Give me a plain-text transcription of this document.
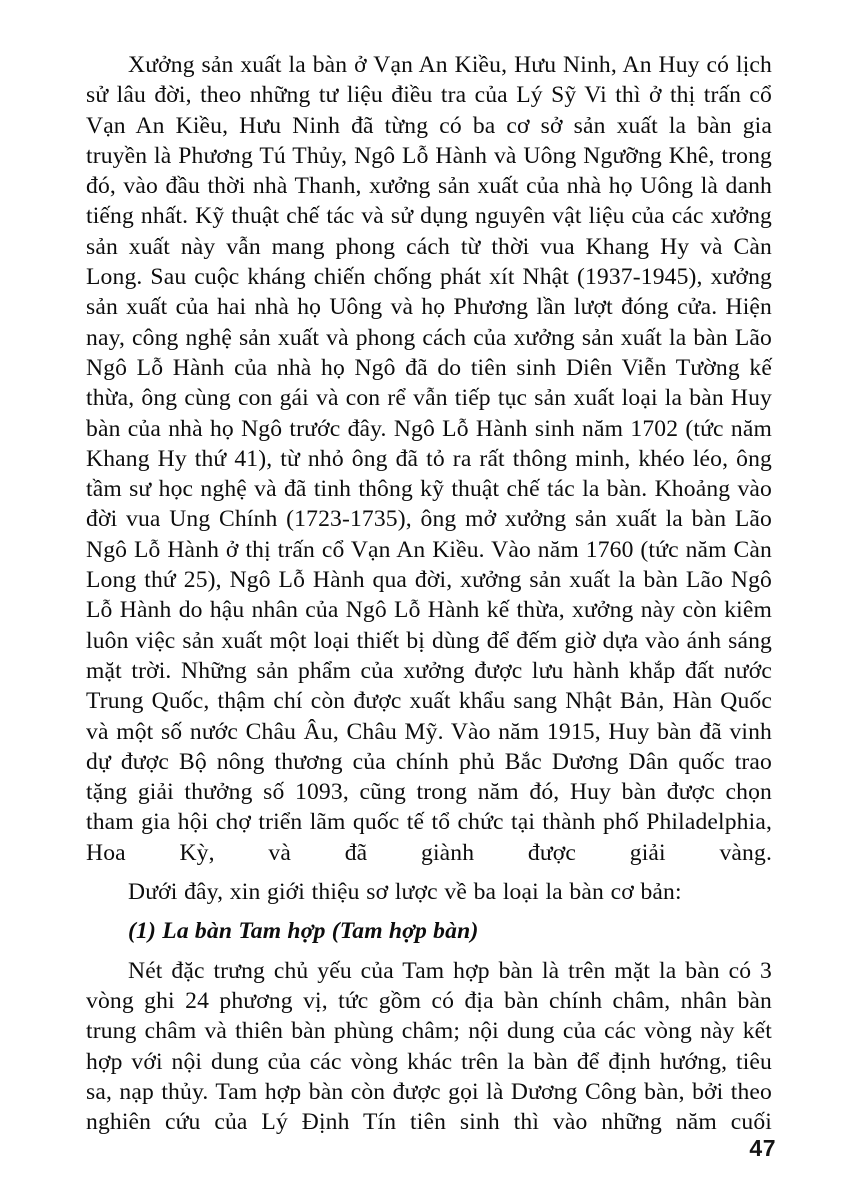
Xưởng sản xuất la bàn ở Vạn An Kiều, Hưu Ninh, An Huy có lịch sử lâu đời, theo những tư liệu điều tra của Lý Sỹ Vi thì ở thị trấn cổ Vạn An Kiều, Hưu Ninh đã từng có ba cơ sở sản xuất la bàn gia truyền là Phương Tú Thủy, Ngô Lỗ Hành và Uông Ngưỡng Khê, trong đó, vào đầu thời nhà Thanh, xưởng sản xuất của nhà họ Uông là danh tiếng nhất. Kỹ thuật chế tác và sử dụng nguyên vật liệu của các xưởng sản xuất này vẫn mang phong cách từ thời vua Khang Hy và Càn Long. Sau cuộc kháng chiến chống phát xít Nhật (1937-1945), xưởng sản xuất của hai nhà họ Uông và họ Phương lần lượt đóng cửa. Hiện nay, công nghệ sản xuất và phong cách của xưởng sản xuất la bàn Lão Ngô Lỗ Hành của nhà họ Ngô đã do tiên sinh Diên Viễn Tường kế thừa, ông cùng con gái và con rể vẫn tiếp tục sản xuất loại la bàn Huy bàn của nhà họ Ngô trước đây. Ngô Lỗ Hành sinh năm 1702 (tức năm Khang Hy thứ 41), từ nhỏ ông đã tỏ ra rất thông minh, khéo léo, ông tầm sư học nghệ và đã tinh thông kỹ thuật chế tác la bàn. Khoảng vào đời vua Ung Chính (1723-1735), ông mở xưởng sản xuất la bàn Lão Ngô Lỗ Hành ở thị trấn cổ Vạn An Kiều. Vào năm 1760 (tức năm Càn Long thứ 25), Ngô Lỗ Hành qua đời, xưởng sản xuất la bàn Lão Ngô Lỗ Hành do hậu nhân của Ngô Lỗ Hành kế thừa, xưởng này còn kiêm luôn việc sản xuất một loại thiết bị dùng để đếm giờ dựa vào ánh sáng mặt trời. Những sản phẩm của xưởng được lưu hành khắp đất nước Trung Quốc, thậm chí còn được xuất khẩu sang Nhật Bản, Hàn Quốc và một số nước Châu Âu, Châu Mỹ. Vào năm 1915, Huy bàn đã vinh dự được Bộ nông thương của chính phủ Bắc Dương Dân quốc trao tặng giải thưởng số 1093, cũng trong năm đó, Huy bàn được chọn tham gia hội chợ triển lãm quốc tế tổ chức tại thành phố Philadelphia, Hoa Kỳ, và đã giành được giải vàng.

Dưới đây, xin giới thiệu sơ lược về ba loại la bàn cơ bản:

(1) La bàn Tam hợp (Tam hợp bàn)

Nét đặc trưng chủ yếu của Tam hợp bàn là trên mặt la bàn có 3 vòng ghi 24 phương vị, tức gồm có địa bàn chính châm, nhân bàn trung châm và thiên bàn phùng châm; nội dung của các vòng này kết hợp với nội dung của các vòng khác trên la bàn để định hướng, tiêu sa, nạp thủy. Tam hợp bàn còn được gọi là Dương Công bàn, bởi theo nghiên cứu của Lý Định Tín tiên sinh thì vào những năm cuối

47
